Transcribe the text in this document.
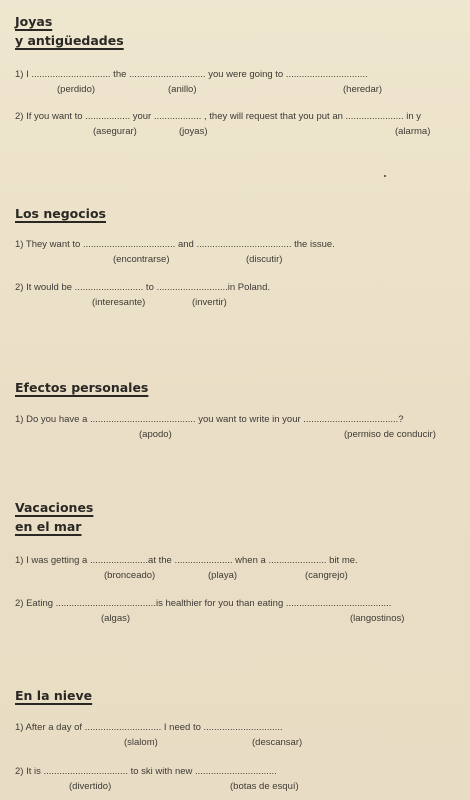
Joyas
y antigüedades
1) I .............................. the ............................. you were going to ...............................
(perdido)	(anillo)	(heredar)
2) If you want to ................. your .................. , they will request that you put an ...................... in y
(asegurar)	(joyas)	(alarma)
Los negocios
1) They want to ................................... and .................................... the issue.
(encontrarse)	(discutir)
2) It would be .......................... to ...........................in Poland.
(interesante)	(invertir)
Efectos personales
1) Do you have a ........................................ you want to write in your ....................................?
(apodo)	(permiso de conducir)
Vacaciones
en el mar
1) I was getting a ......................at the ...................... when a ...................... bit me.
(bronceado)	(playa)	(cangrejo)
2) Eating ......................................is healthier for you than eating ........................................
(algas)	(langostinos)
En la nieve
1) After a day of ............................. I need to ..............................
(slalom)	(descansar)
2) It is ................................ to ski with new ...............................
(divertido)	(botas de esquí)
